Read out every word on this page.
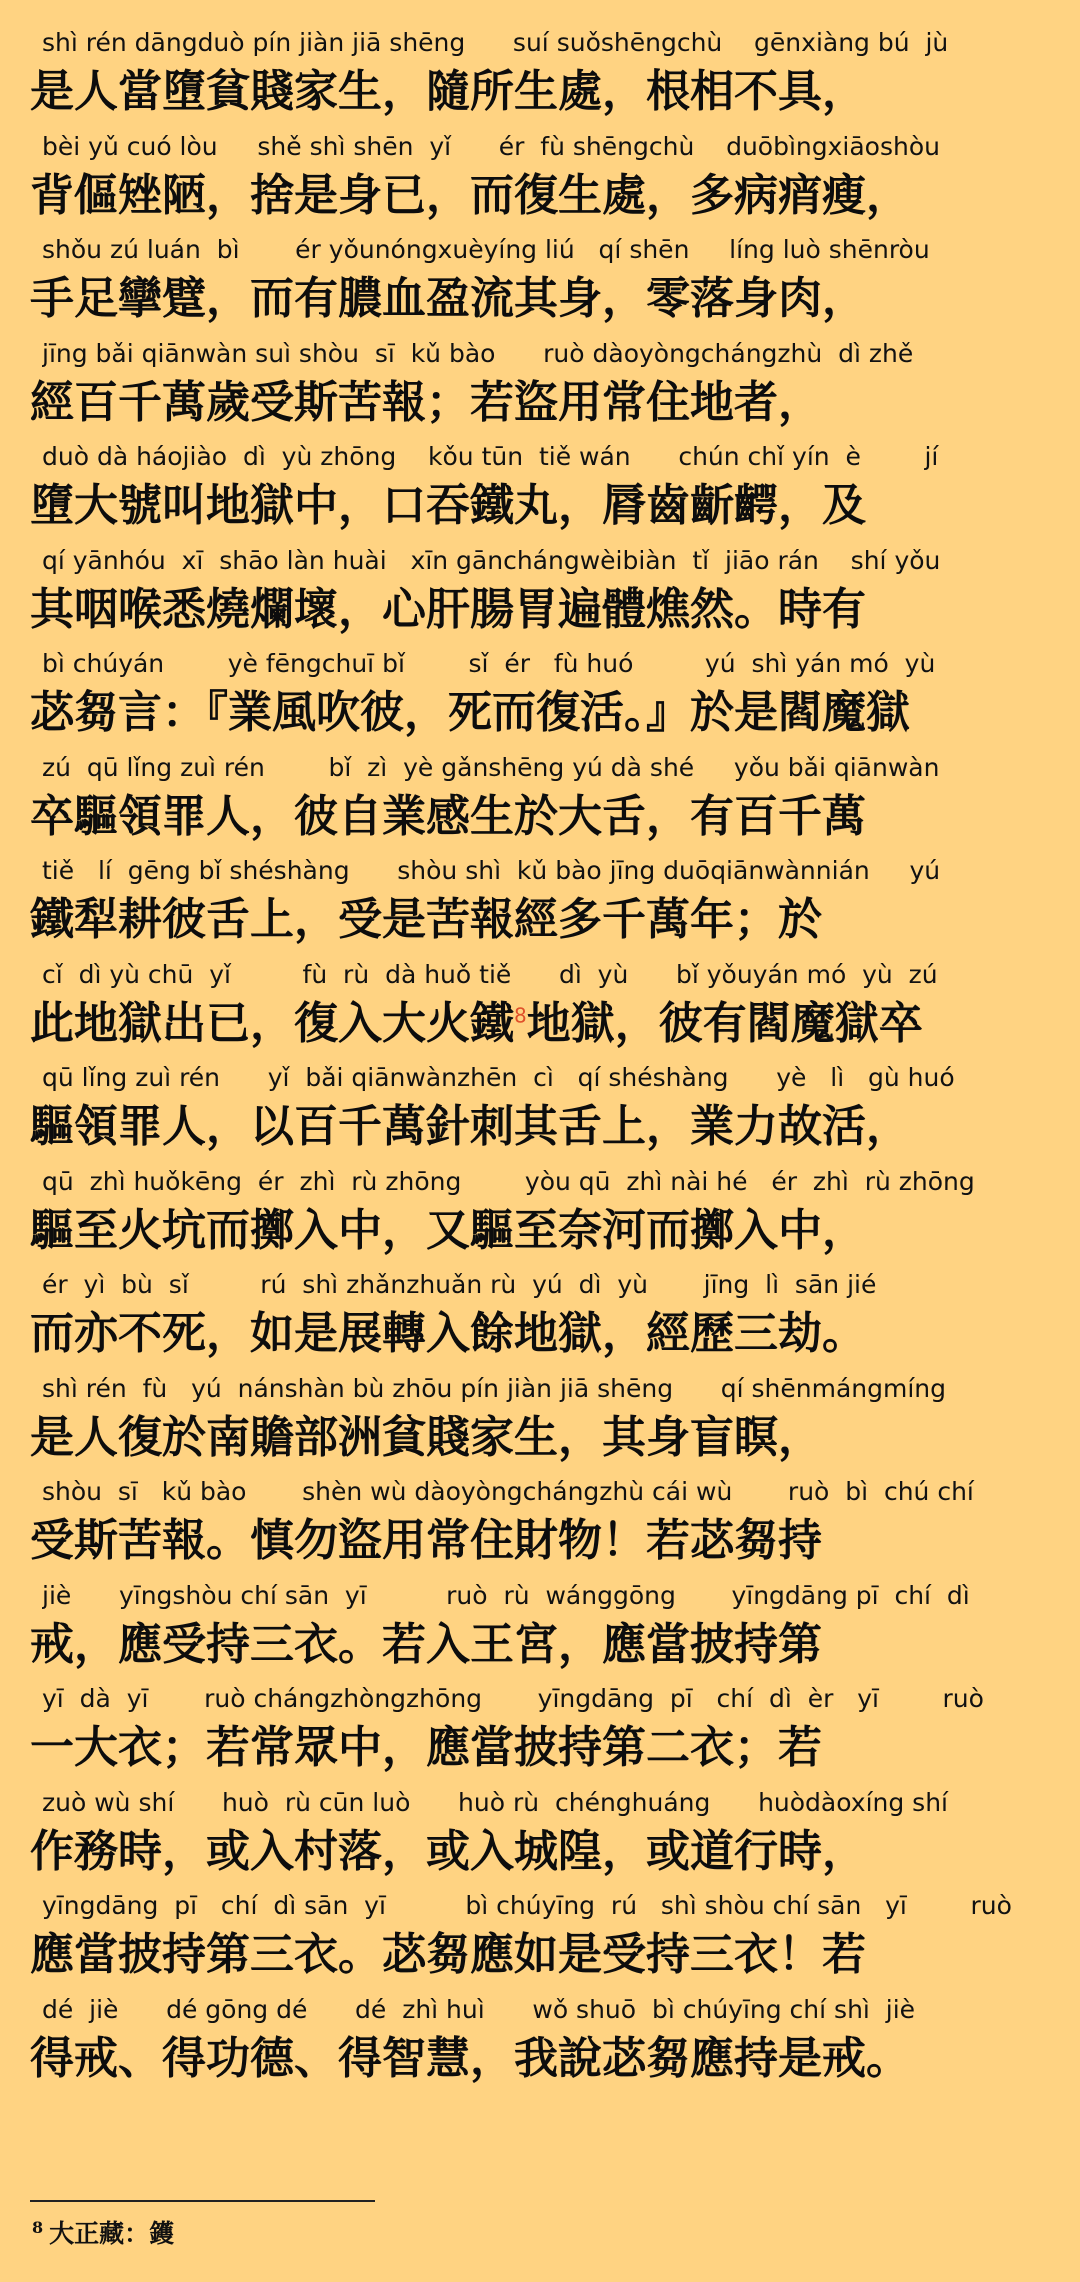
shì rén dāngduò pín jiàn jiā shēng      suí suǒshēngchù    gēnxiàng bú  jù
是人當墮貧賤家生，隨所生處，根相不具，
bèi yǔ cuó lòu     shě shì shēn  yǐ      ér  fù shēngchù    duōbìngxiāoshòu
背傴矬陋，捨是身已，而復生處，多病痟瘦，
shǒu zú luán  bì       ér yǒunóngxuèyíng liú   qí shēn     líng luò shēnròu
手足攣躄，而有膿血盈流其身，零落身肉，
jīng bǎi qiānwàn suì shòu  sī  kǔ bào      ruò dàoyòngchángzhù  dì zhě
經百千萬歲受斯苦報；若盜用常住地者，
duò dà háojiào  dì  yù zhōng    kǒu tūn  tiě wán      chún chǐ yín  è        jí
墮大號叫地獄中，口吞鐵丸，脣齒齗齶，及
qí yānhóu  xī  shāo làn huài   xīn gānchángwèibiàn  tǐ  jiāo rán    shí yǒu
其咽喉悉燒爛壞，心肝腸胃遍體燋然。時有
bì chúyán        yè fēngchuī bǐ        sǐ  ér   fù huó         yú  shì yán mó  yù
苾芻言：『業風吹彼，死而復活。』於是閻魔獄
zú  qū lǐng zuì rén        bǐ  zì  yè gǎnshēng yú dà shé     yǒu bǎi qiānwàn
卒驅領罪人，彼自業感生於大舌，有百千萬
tiě   lí  gēng bǐ shéshàng      shòu shì  kǔ bào jīng duōqiānwànnián     yú
鐵犁耕彼舌上，受是苦報經多千萬年；於
cǐ  dì yù chū  yǐ         fù  rù  dà huǒ tiě      dì  yù      bǐ yǒuyán mó  yù  zú
此地獄出已，復入大火鐵$^8$地獄，彼有閻魔獄卒
qū lǐng zuì rén      yǐ  bǎi qiānwànzhēn  cì   qí shéshàng      yè   lì   gù huó
驅領罪人，以百千萬針刺其舌上，業力故活，
qū  zhì huǒkēng  ér  zhì  rù zhōng        yòu qū  zhì nài hé   ér  zhì  rù zhōng
驅至火坑而擲入中，又驅至奈河而擲入中，
ér  yì  bù  sǐ         rú  shì zhǎnzhuǎn rù  yú  dì  yù       jīng  lì  sān jié
而亦不死，如是展轉入餘地獄，經歷三劫。
shì rén  fù   yú  nánshàn bù zhōu pín jiàn jiā shēng      qí shēnmángmíng
是人復於南贍部洲貧賤家生，其身盲瞑，
shòu  sī   kǔ bào       shèn wù dàoyòngchángzhù cái wù       ruò  bì  chú chí
受斯苦報。慎勿盜用常住財物！若苾芻持
jiè      yīngshòu chí sān  yī          ruò  rù  wánggōng       yīngdāng pī  chí  dì
戒，應受持三衣。若入王宮，應當披持第
yī  dà  yī       ruò chángzhòngzhōng       yīngdāng  pī   chí  dì  èr   yī        ruò
一大衣；若常眾中，應當披持第二衣；若
zuò wù shí      huò  rù cūn luò      huò rù  chénghuáng      huòdàoxíng shí
作務時，或入村落，或入城隍，或道行時，
yīngdāng  pī   chí  dì sān  yī          bì chúyīng  rú   shì shòu chí sān   yī        ruò
應當披持第三衣。苾芻應如是受持三衣！若
dé  jiè      dé gōng dé      dé  zhì huì      wǒ shuō  bì chúyīng chí shì  jiè
得戒、得功德、得智慧，我說苾芻應持是戒。
$^8$ 大正藏：鑊
